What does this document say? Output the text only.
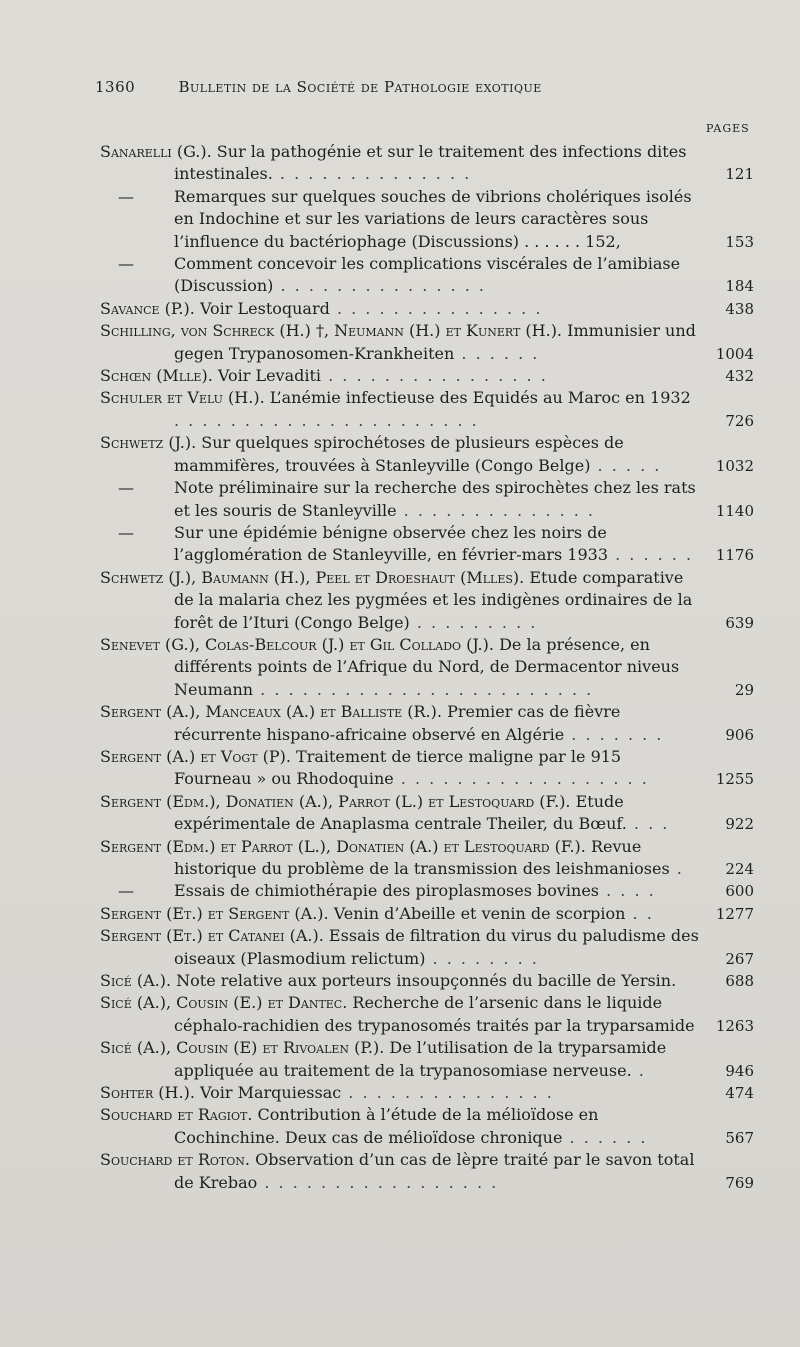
1360	Bulletin de la Société de Pathologie exotique
PAGES
Sanarelli (G.). Sur la pathogénie et sur le traitement des infections dites intestinales. . . . . . . . . . . . . . .	121
—	Remarques sur quelques souches de vibrions cholériques isolés en Indochine et sur les variations de leurs caractères sous l’influence du bactériophage (Discussions) . . . . . . 152,	153
—	Comment concevoir les complications viscérales de l’amibiase (Discussion) . . . . . . . . . . . . . . .	184
Savance (P.). Voir Lestoquard . . . . . . . . . . . . . . .	438
Schilling, von Schreck (H.) †, Neumann (H.) et Kunert (H.). Immunisier und gegen Trypanosomen-Krankheiten . . . . . .	1004
Schœn (Mlle). Voir Levaditi . . . . . . . . . . . . . . . .	432
Schuler et Velu (H.). L’anémie infectieuse des Equidés au Maroc en 1932 . . . . . . . . . . . . . . . . . . . . . .	726
Schwetz (J.). Sur quelques spirochétoses de plusieurs espèces de mammifères, trouvées à Stanleyville (Congo Belge) . . . . .	1032
—	Note préliminaire sur la recherche des spirochètes chez les rats et les souris de Stanleyville . . . . . . . . . . . . . .	1140
—	Sur une épidémie bénigne observée chez les noirs de l’agglomération de Stanleyville, en février-mars 1933 . . . . . .	1176
Schwetz (J.), Baumann (H.), Peel et Droeshaut (Mlles). Etude comparative de la malaria chez les pygmées et les indigènes ordinaires de la forêt de l’Ituri (Congo Belge) . . . . . . . . .	639
Senevet (G.), Colas-Belcour (J.) et Gil Collado (J.). De la présence, en différents points de l’Afrique du Nord, de Dermacentor niveus Neumann . . . . . . . . . . . . . . . . . . . . . . . .	29
Sergent (A.), Manceaux (A.) et Balliste (R.). Premier cas de fièvre récurrente hispano-africaine observé en Algérie . . . . . . .	906
Sergent (A.) et Vogt (P). Traitement de tierce maligne par le 915 Fourneau » ou Rhodoquine . . . . . . . . . . . . . . . . . .	1255
Sergent (Edm.), Donatien (A.), Parrot (L.) et Lestoquard (F.). Etude expérimentale de Anaplasma centrale Theiler, du Bœuf. . . .	922
Sergent (Edm.) et Parrot (L.), Donatien (A.) et Lestoquard (F.). Revue historique du problème de la transmission des leishmanioses .	224
—	Essais de chimiothérapie des piroplasmoses bovines . . . .	600
Sergent (Et.) et Sergent (A.). Venin d’Abeille et venin de scorpion . .	1277
Sergent (Et.) et Catanei (A.). Essais de filtration du virus du paludisme des oiseaux (Plasmodium relictum) . . . . . . . .	267
Sicé (A.). Note relative aux porteurs insoupçonnés du bacille de Yersin.	688
Sicé (A.), Cousin (E.) et Dantec. Recherche de l’arsenic dans le liquide céphalo-rachidien des trypanosomés traités par la tryparsamide	1263
Sicé (A.), Cousin (E) et Rivoalen (P.). De l’utilisation de la tryparsamide appliquée au traitement de la trypanosomiase nerveuse. .	946
Sohter (H.). Voir Marquiessac . . . . . . . . . . . . . . .	474
Souchard et Ragiot. Contribution à l’étude de la mélioïdose en Cochinchine. Deux cas de mélioïdose chronique . . . . . .	567
Souchard et Roton. Observation d’un cas de lèpre traité par le savon total de Krebao . . . . . . . . . . . . . . . . .	769
